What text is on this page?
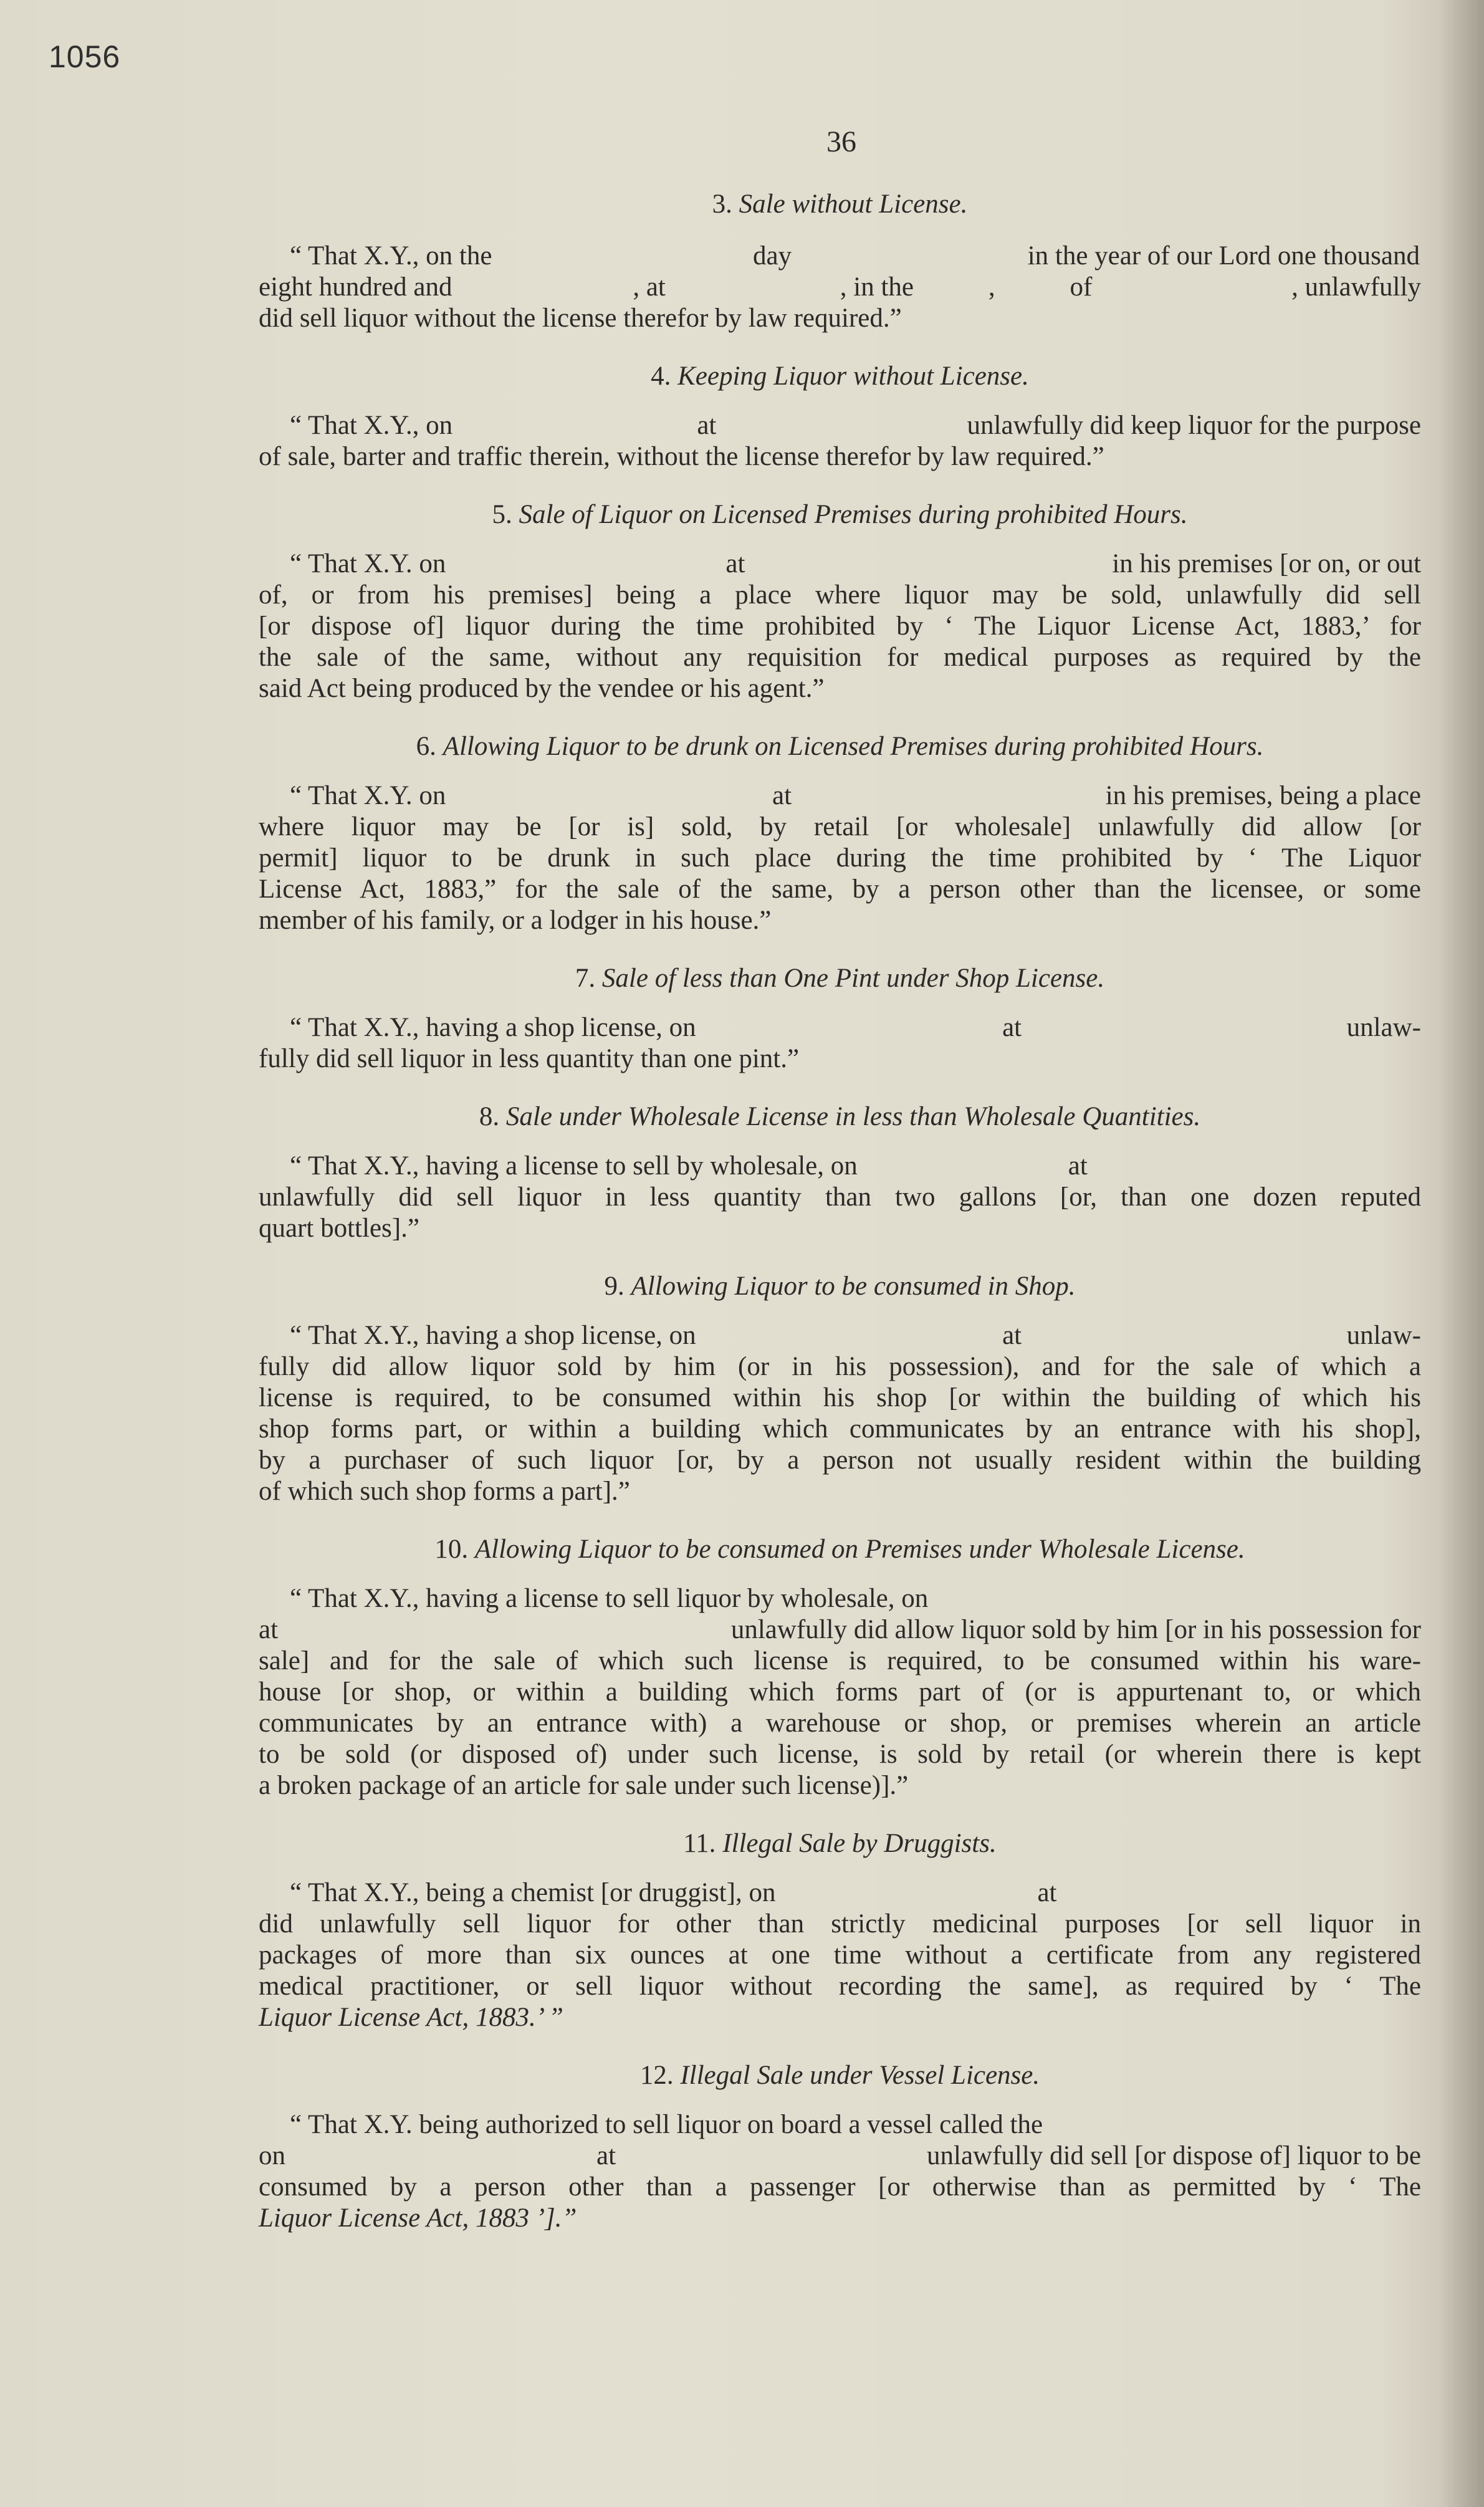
1056
36
3. Sale without License.
“ That X.Y., on the	day	in the year of our Lord one thousand
eight hundred and	, at	, in the	,	of	, unlawfully
did sell liquor without the license therefor by law required.”
4. Keeping Liquor without License.
“ That X.Y., on	at	unlawfully did keep liquor for the purpose
of sale, barter and traffic therein, without the license therefor by law required.”
5. Sale of Liquor on Licensed Premises during prohibited Hours.
“ That X.Y. on	at	in his premises [or on, or out
of, or from his premises] being a place where liquor may be sold, unlawfully did sell
[or dispose of] liquor during the time prohibited by ‘ The Liquor License Act, 1883,’ for
the sale of the same, without any requisition for medical purposes as required by the
said Act being produced by the vendee or his agent.”
6. Allowing Liquor to be drunk on Licensed Premises during prohibited Hours.
“ That X.Y. on	at	in his premises, being a place
where liquor may be [or is] sold, by retail [or wholesale] unlawfully did allow [or
permit] liquor to be drunk in such place during the time prohibited by ‘ The Liquor
License Act, 1883,” for the sale of the same, by a person other than the licensee, or some
member of his family, or a lodger in his house.”
7. Sale of less than One Pint under Shop License.
“ That X.Y., having a shop license, on	at	unlaw-
fully did sell liquor in less quantity than one pint.”
8. Sale under Wholesale License in less than Wholesale Quantities.
“ That X.Y., having a license to sell by wholesale, on	at
unlawfully did sell liquor in less quantity than two gallons [or, than one dozen reputed
quart bottles].”
9. Allowing Liquor to be consumed in Shop.
“ That X.Y., having a shop license, on	at	unlaw-
fully did allow liquor sold by him (or in his possession), and for the sale of which a
license is required, to be consumed within his shop [or within the building of which his
shop forms part, or within a building which communicates by an entrance with his shop],
by a purchaser of such liquor [or, by a person not usually resident within the building
of which such shop forms a part].”
10. Allowing Liquor to be consumed on Premises under Wholesale License.
“ That X.Y., having a license to sell liquor by wholesale, on
at	unlawfully did allow liquor sold by him [or in his possession for
sale] and for the sale of which such license is required, to be consumed within his ware-
house [or shop, or within a building which forms part of (or is appurtenant to, or which
communicates by an entrance with) a warehouse or shop, or premises wherein an article
to be sold (or disposed of) under such license, is sold by retail (or wherein there is kept
a broken package of an article for sale under such license)].”
11. Illegal Sale by Druggists.
“ That X.Y., being a chemist [or druggist], on	at
did unlawfully sell liquor for other than strictly medicinal purposes [or sell liquor in
packages of more than six ounces at one time without a certificate from any registered
medical practitioner, or sell liquor without recording the same], as required by ‘ The
Liquor License Act, 1883.’ ”
12. Illegal Sale under Vessel License.
“ That X.Y. being authorized to sell liquor on board a vessel called the
on	at	unlawfully did sell [or dispose of] liquor to be
consumed by a person other than a passenger [or otherwise than as permitted by ‘ The
Liquor License Act, 1883 ’].”
